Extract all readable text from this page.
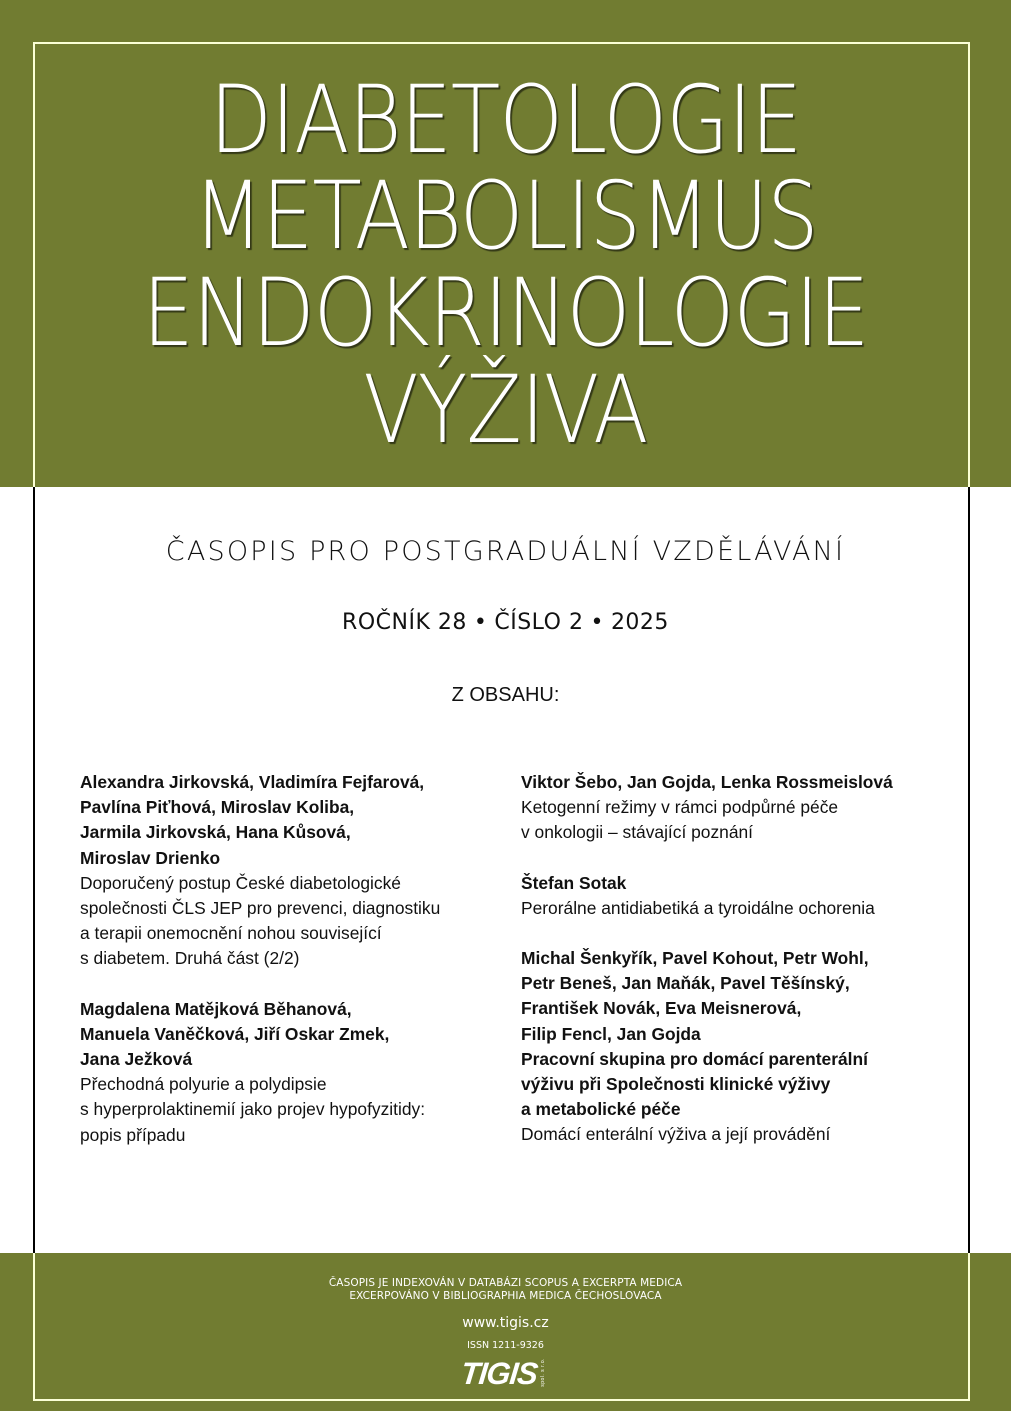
DIABETOLOGIE
METABOLISMUS
ENDOKRINOLOGIE
VÝŽIVA
ČASOPIS PRO POSTGRADUÁLNÍ VZDĚLÁVÁNÍ
ROČNÍK 28 • ČÍSLO 2 • 2025
Z OBSAHU:
Alexandra Jirkovská, Vladimíra Fejfarová,
Pavlína Piťhová, Miroslav Koliba,
Jarmila Jirkovská, Hana Kůsová,
Miroslav Drienko
Doporučený postup České diabetologické
společnosti ČLS JEP pro prevenci, diagnostiku
a terapii onemocnění nohou související
s diabetem. Druhá část (2/2)
Magdalena Matějková Běhanová,
Manuela Vaněčková, Jiří Oskar Zmek,
Jana Ježková
Přechodná polyurie a polydipsie
s hyperprolaktinemií jako projev hypofyzitidy:
popis případu
Viktor Šebo, Jan Gojda, Lenka Rossmeislová
Ketogenní režimy v rámci podpůrné péče
v onkologii – stávající poznání
Štefan Sotak
Perorálne antidiabetiká a tyroidálne ochorenia
Michal Šenkyřík, Pavel Kohout, Petr Wohl,
Petr Beneš, Jan Maňák, Pavel Těšínský,
František Novák, Eva Meisnerová,
Filip Fencl, Jan Gojda
Pracovní skupina pro domácí parenterální
výživu při Společnosti klinické výživy
a metabolické péče
Domácí enterální výživa a její provádění
ČASOPIS JE INDEXOVÁN V DATABÁZI SCOPUS A EXCERPTA MEDICA
EXCERPOVÁNO V BIBLIOGRAPHIA MEDICA ČECHOSLOVACA
www.tigis.cz
ISSN 1211-9326
TIGIS spol. s r.o.
